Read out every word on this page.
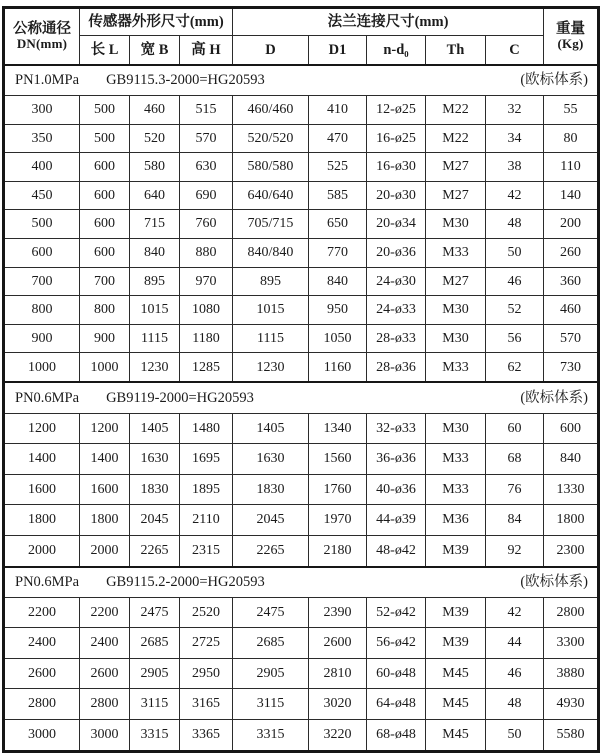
公称通径
DN(mm)	传感器外形尺寸(mm)			法兰连接尺寸(mm)					重量
(Kg)

	长 L	宽 B	高 H	D	D1	n-d₀	Th	C	

PN1.0MPa GB9115.3-2000=HG20593 (欧标体系)									

300	500	460	515	460/460	410	12-ø25	M22	32	55
350	500	520	570	520/520	470	16-ø25	M22	34	80
400	600	580	630	580/580	525	16-ø30	M27	38	110
450	600	640	690	640/640	585	20-ø30	M27	42	140
500	600	715	760	705/715	650	20-ø34	M30	48	200
600	600	840	880	840/840	770	20-ø36	M33	50	260
700	700	895	970	895	840	24-ø30	M27	46	360
800	800	1015	1080	1015	950	24-ø33	M30	52	460
900	900	1115	1180	1115	1050	28-ø33	M30	56	570
1000	1000	1230	1285	1230	1160	28-ø36	M33	62	730

PN0.6MPa GB9119-2000=HG20593 (欧标体系)									

1200	1200	1405	1480	1405	1340	32-ø33	M30	60	600
1400	1400	1630	1695	1630	1560	36-ø36	M33	68	840
1600	1600	1830	1895	1830	1760	40-ø36	M33	76	1330
1800	1800	2045	2110	2045	1970	44-ø39	M36	84	1800
2000	2000	2265	2315	2265	2180	48-ø42	M39	92	2300

PN0.6MPa GB9115.2-2000=HG20593 (欧标体系)									

2200	2200	2475	2520	2475	2390	52-ø42	M39	42	2800
2400	2400	2685	2725	2685	2600	56-ø42	M39	44	3300
2600	2600	2905	2950	2905	2810	60-ø48	M45	46	3880
2800	2800	3115	3165	3115	3020	64-ø48	M45	48	4930
3000	3000	3315	3365	3315	3220	68-ø48	M45	50	5580
